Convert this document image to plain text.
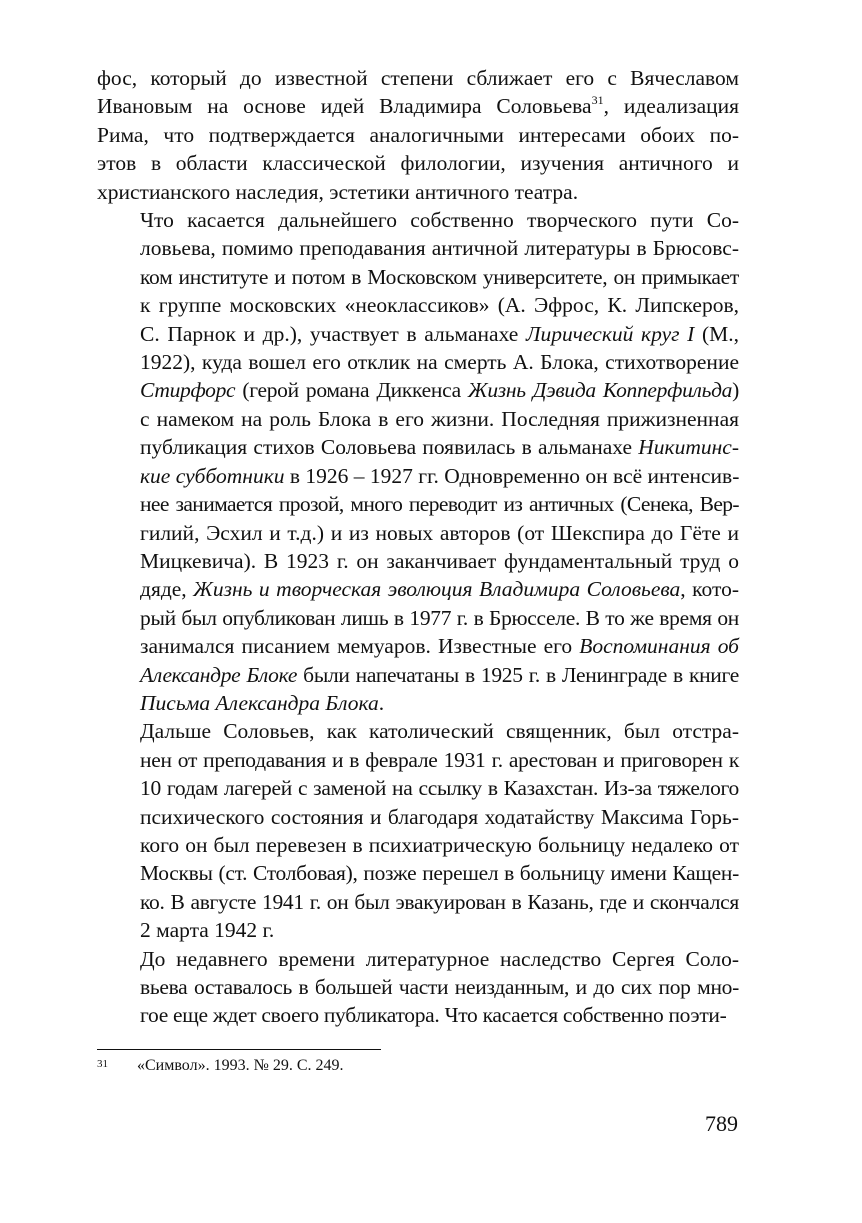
фос, который до известной степени сближает его с Вячеславом
Ивановым на основе идей Владимира Соловьева$^{31}$, идеализация
Рима, что подтверждается аналогичными интересами обоих по-
этов в области классической филологии, изучения античного и
христианского наследия, эстетики античного театра.
Что касается дальнейшего собственно творческого пути Со-
ловьева, помимо преподавания античной литературы в Брюсовс-
ком институте и потом в Московском университете, он примыкает
к группе московских «неоклассиков» (А. Эфрос, К. Липскеров,
С. Парнок и др.), участвует в альманахе Лирический круг I (М.,
1922), куда вошел его отклик на смерть А. Блока, стихотворение
Стирфорс (герой романа Диккенса Жизнь Дэвида Копперфильда)
с намеком на роль Блока в его жизни. Последняя прижизненная
публикация стихов Соловьева появилась в альманахе Никитинс-
кие субботники в 1926 – 1927 гг. Одновременно он всё интенсив-
нее занимается прозой, много переводит из античных (Сенека, Вер-
гилий, Эсхил и т.д.) и из новых авторов (от Шекспира до Гёте и
Мицкевича). В 1923 г. он заканчивает фундаментальный труд о
дяде, Жизнь и творческая эволюция Владимира Соловьева, кото-
рый был опубликован лишь в 1977 г. в Брюсселе. В то же время он
занимался писанием мемуаров. Известные его Воспоминания об
Александре Блоке были напечатаны в 1925 г. в Ленинграде в книге
Письма Александра Блока.
Дальше Соловьев, как католический священник, был отстра-
нен от преподавания и в феврале 1931 г. арестован и приговорен к
10 годам лагерей с заменой на ссылку в Казахстан. Из-за тяжелого
психического состояния и благодаря ходатайству Максима Горь-
кого он был перевезен в психиатрическую больницу недалеко от
Москвы (ст. Столбовая), позже перешел в больницу имени Кащен-
ко. В августе 1941 г. он был эвакуирован в Казань, где и скончался
2 марта 1942 г.
До недавнего времени литературное наследство Сергея Соло-
вьева оставалось в большей части неизданным, и до сих пор мно-
гое еще ждет своего публикатора. Что касается собственно поэти-
31 «Символ». 1993. № 29. С. 249.
789
